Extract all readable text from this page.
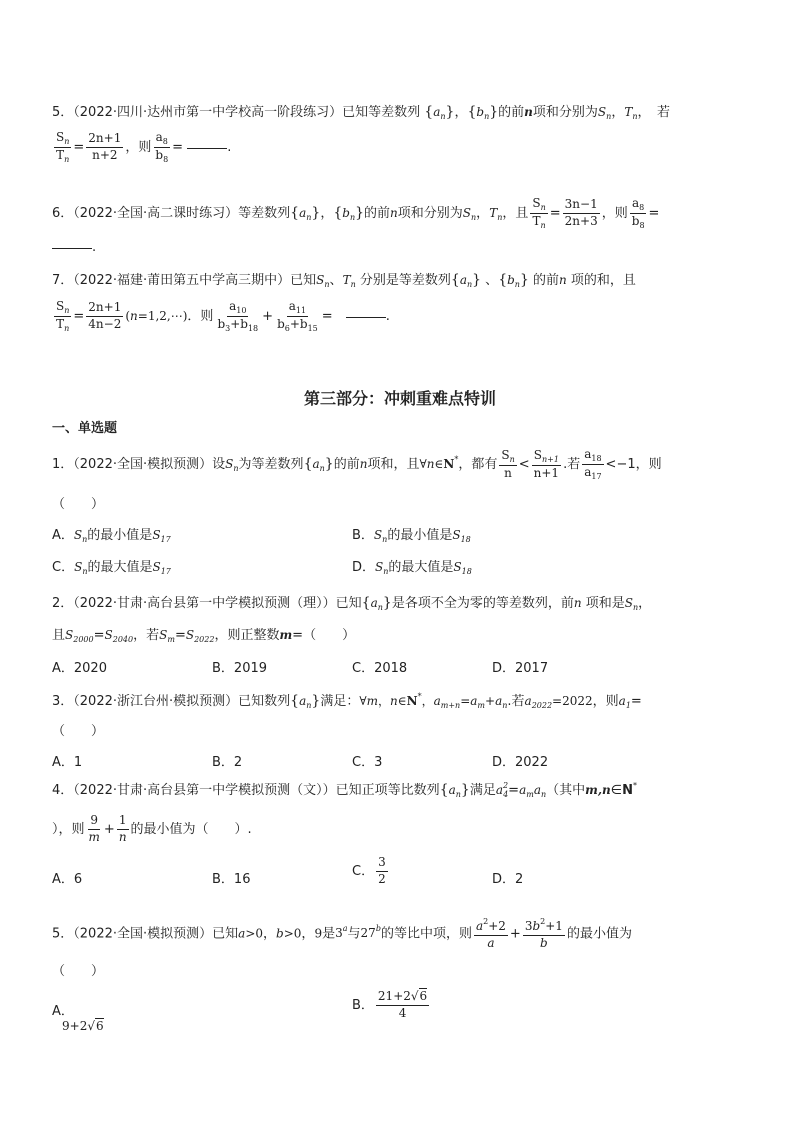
5．（2022·四川·达州市第一中学校高一阶段练习）已知等差数列 $\{a_n\}$，$\{b_n\}$的前n项和分别为$S_n$，$T_n$，　若
$\frac{S_n}{T_n} = \frac{2n+1}{n+2}$ ，则 $\frac{a_8}{b_8}$ =	.
6．（2022·全国·高二课时练习）等差数列$\{a_n\}$，$\{b_n\}$的前n项和分别为$S_n$，$T_n$，且 $\frac{S_n}{T_n} = \frac{3n-1}{2n+3}$ ，则 $\frac{a_8}{b_8}$ =
.
7．（2022·福建·莆田第五中学高三期中）已知$S_n$、$T_n$ 分别是等差数列$\{a_n\}$ 、$\{b_n\}$ 的前n 项的和，且
$\frac{S_n}{T_n} = \frac{2n+1}{4n-2}$ (n=1,2,⋯)．则 $\frac{a_{10}}{b_3+b_{18}} + \frac{a_{11}}{b_6+b_{15}}$ =　	.
第三部分：冲刺重难点特训
一、单选题
1．（2022·全国·模拟预测）设$S_n$为等差数列$\{a_n\}$的前n项和，且∀n∈N*，都有 $\frac{S_n}{n} < \frac{S_{n+1}}{n+1}$ .若 $\frac{a_{18}}{a_{17}} <-1$，则
（　　）
A．$S_n$的最小值是$S_{17}$	B．$S_n$的最小值是$S_{18}$
C．$S_n$的最大值是$S_{17}$	D．$S_n$的最大值是$S_{18}$
2．（2022·甘肃·高台县第一中学模拟预测（理））已知$\{a_n\}$是各项不全为零的等差数列，前n 项和是$S_n$，
且$S_{2000}=S_{2040}$，若$S_m=S_{2022}$，则正整数m=（　　）
A．2020	B．2019	C．2018	D．2017
3．（2022·浙江台州·模拟预测）已知数列$\{a_n\}$满足：∀m，n∈N*，$a_{m+n}=a_m+a_n$.若$a_{2022}=2022$，则$a_1=$
（　　）
A．1	B．2	C．3	D．2022
4．（2022·甘肃·高台县第一中学模拟预测（文））已知正项等比数列$\{a_n\}$满足$a^2_4=a_ma_n$（其中m,n∈N*
），则 $\frac{9}{m} + \frac{1}{n}$ 的最小值为（　　）.
A．6	B．16
C． $\frac{3}{2}$	D．2
5．（2022·全国·模拟预测）已知a>0，b>0，9是3$^a$与27$^b$的等比中项，则 $\frac{a^2+2}{a} + \frac{3b^2+1}{b}$ 的最小值为
（　　）
A．
9+2√6
B． $\frac{21+2√6}{4}$
